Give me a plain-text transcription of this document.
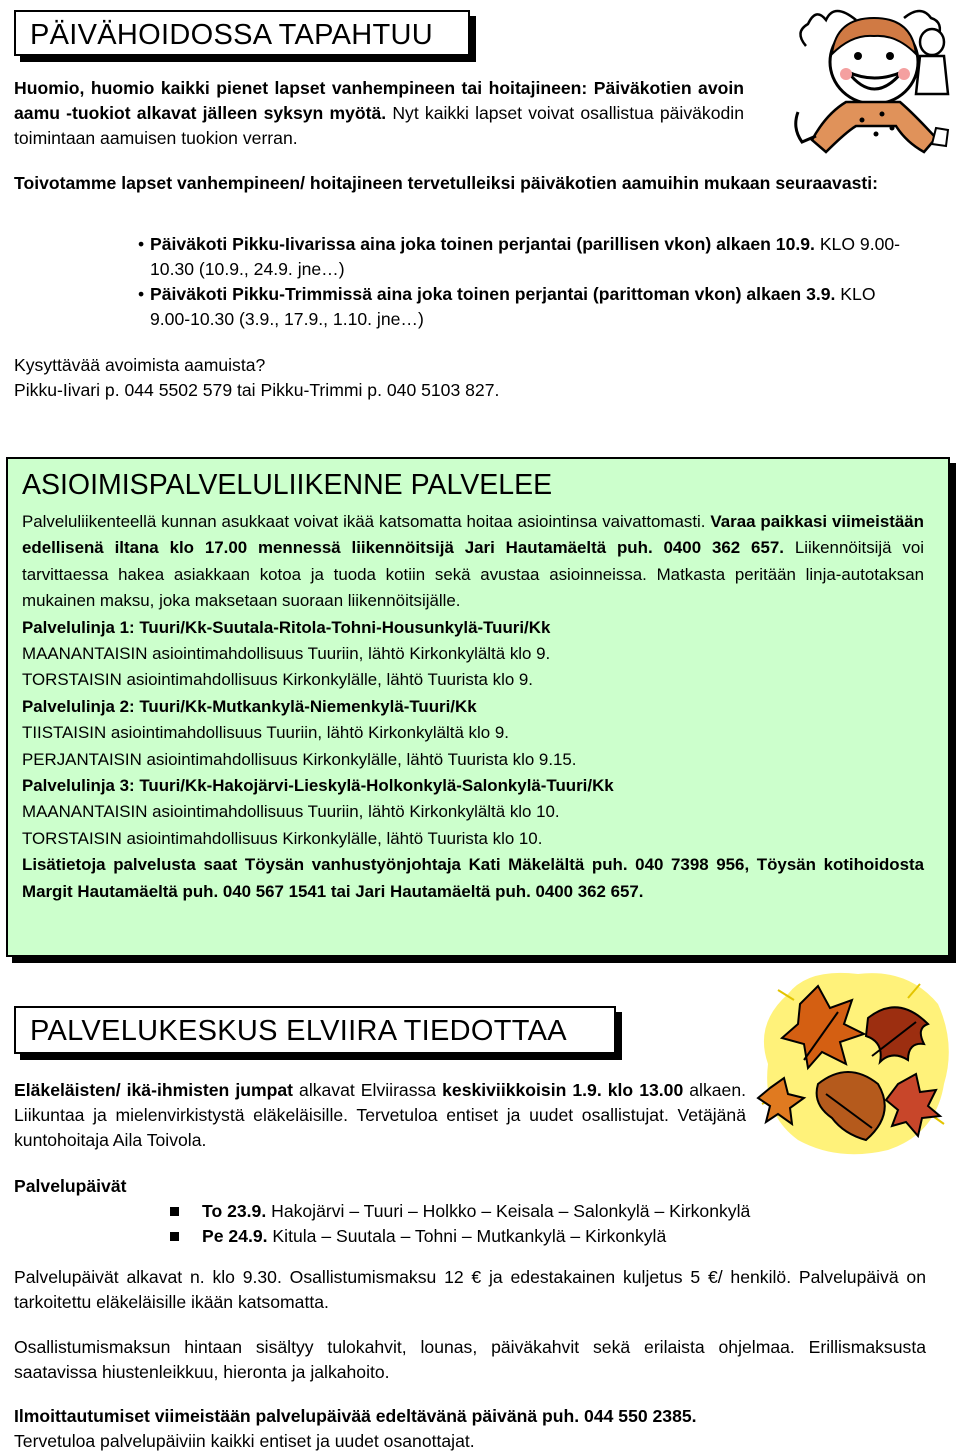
PÄIVÄHOIDOSSA TAPAHTUU

Huomio, huomio kaikki pienet lapset vanhempineen tai hoitajineen: Päiväkotien avoin aamu -tuokiot alkavat jälleen syksyn myötä. Nyt kaikki lapset voivat osallistua päiväkodin toimintaan aamuisen tuokion verran.

Toivotamme lapset vanhempineen/ hoitajineen tervetulleiksi päiväkotien aamuihin mukaan seuraavasti:

• Päiväkoti Pikku-Iivarissa aina joka toinen perjantai (parillisen vkon) alkaen 10.9. KLO 9.00-10.30 (10.9., 24.9. jne…)

• Päiväkoti Pikku-Trimmissä aina joka toinen perjantai (parittoman vkon) alkaen 3.9. KLO 9.00-10.30 (3.9., 17.9., 1.10. jne…)

Kysyttävää avoimista aamuista?

Pikku-Iivari p. 044 5502 579 tai Pikku-Trimmi p. 040 5103 827.

ASIOIMISPALVELULIIKENNE PALVELEE

Palveluliikenteellä kunnan asukkaat voivat ikää katsomatta hoitaa asiointinsa vaivattomasti. Varaa paikkasi viimeistään edellisenä iltana klo 17.00 mennessä liikennöitsijä Jari Hautamäeltä puh. 0400 362 657. Liikennöitsijä voi tarvittaessa hakea asiakkaan kotoa ja tuoda kotiin sekä avustaa asioinneissa. Matkasta peritään linja-autotaksan mukainen maksu, joka maksetaan suoraan liikennöitsijälle.

Palvelulinja 1: Tuuri/Kk-Suutala-Ritola-Tohni-Housunkylä-Tuuri/Kk

MAANANTAISIN asiointimahdollisuus Tuuriin, lähtö Kirkonkylältä klo 9.

TORSTAISIN asiointimahdollisuus Kirkonkylälle, lähtö Tuurista klo 9.

Palvelulinja 2: Tuuri/Kk-Mutkankylä-Niemenkylä-Tuuri/Kk

TIISTAISIN asiointimahdollisuus Tuuriin, lähtö Kirkonkylältä klo 9.

PERJANTAISIN asiointimahdollisuus Kirkonkylälle, lähtö Tuurista klo 9.15.

Palvelulinja 3: Tuuri/Kk-Hakojärvi-Lieskylä-Holkonkylä-Salonkylä-Tuuri/Kk

MAANANTAISIN asiointimahdollisuus Tuuriin, lähtö Kirkonkylältä klo 10.

TORSTAISIN asiointimahdollisuus Kirkonkylälle, lähtö Tuurista klo 10.

Lisätietoja palvelusta saat Töysän vanhustyönjohtaja Kati Mäkelältä puh. 040 7398 956, Töysän kotihoidosta Margit Hautamäeltä puh. 040 567 1541 tai Jari Hautamäeltä puh. 0400 362 657.

PALVELUKESKUS ELVIIRA TIEDOTTAA

Eläkeläisten/ ikä-ihmisten jumpat alkavat Elviirassa keskiviikkoisin 1.9. klo 13.00 alkaen. Liikuntaa ja mielenvirkistystä eläkeläisille. Tervetuloa entiset ja uudet osallistujat. Vetäjänä kuntohoitaja Aila Toivola.

Palvelupäivät

To 23.9. Hakojärvi – Tuuri – Holkko – Keisala – Salonkylä – Kirkonkylä

Pe 24.9. Kitula – Suutala – Tohni – Mutkankylä – Kirkonkylä

Palvelupäivät alkavat n. klo 9.30. Osallistumismaksu 12 € ja edestakainen kuljetus 5 €/ henkilö. Palvelupäivä on tarkoitettu eläkeläisille ikään katsomatta.

Osallistumismaksun hintaan sisältyy tulokahvit, lounas, päiväkahvit sekä erilaista ohjelmaa. Erillismaksusta saatavissa hiustenleikkuu, hieronta ja jalkahoito.

Ilmoittautumiset viimeistään palvelupäivää edeltävänä päivänä puh. 044 550 2385.

Tervetuloa palvelupäiviin kaikki entiset ja uudet osanottajat.
